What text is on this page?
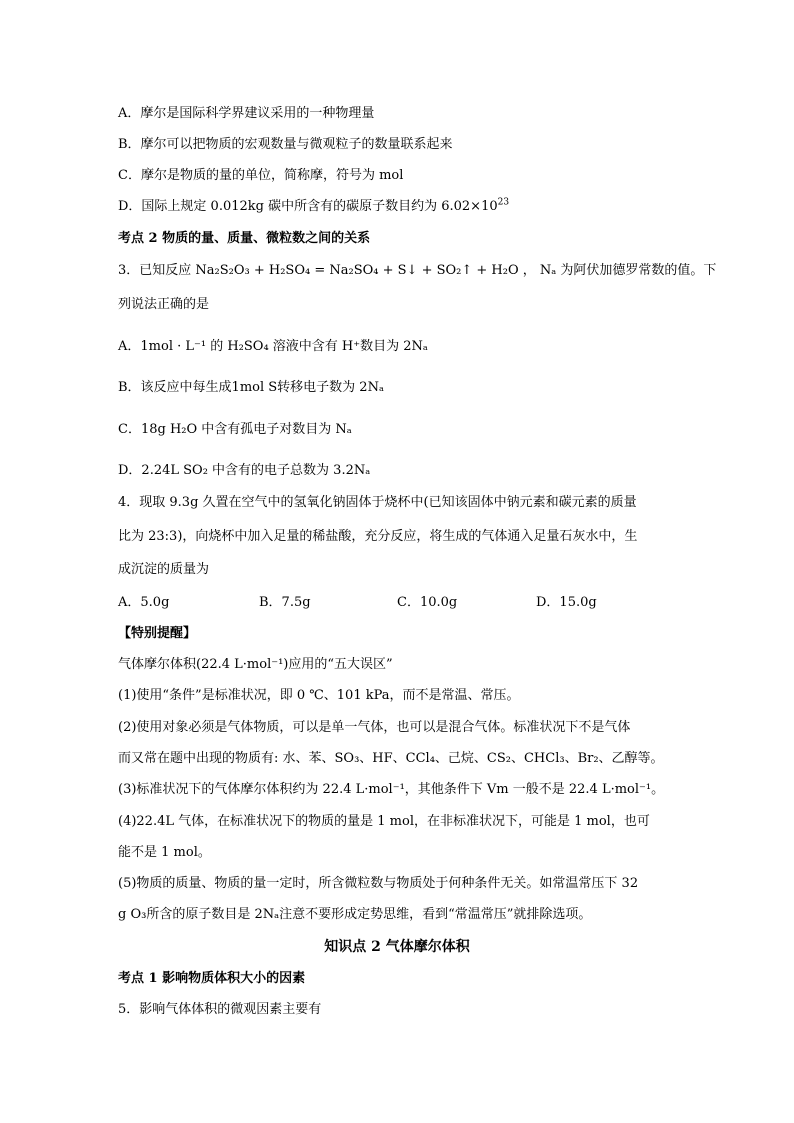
A．摩尔是国际科学界建议采用的一种物理量
B．摩尔可以把物质的宏观数量与微观粒子的数量联系起来
C．摩尔是物质的量的单位，简称摩，符号为 mol
D．国际上规定 0.012kg 碳中所含有的碳原子数目约为 $6.02\times 10^{23}$
考点 2 物质的量、质量、微粒数之间的关系
3．已知反应 Na₂S₂O₃ + H₂SO₄ = Na₂SO₄ + S↓ + SO₂↑ + H₂O ， Nₐ 为阿伏加德罗常数的值。下
列说法正确的是
A．1mol · L⁻¹ 的 H₂SO₄ 溶液中含有 H⁺数目为 2Nₐ
B．该反应中每生成1mol S转移电子数为 2Nₐ
C．18g H₂O 中含有孤电子对数目为 Nₐ
D．2.24L SO₂ 中含有的电子总数为 3.2Nₐ
4．现取 9.3g 久置在空气中的氢氧化钠固体于烧杯中(已知该固体中钠元素和碳元素的质量
比为 23:3)，向烧杯中加入足量的稀盐酸，充分反应，将生成的气体通入足量石灰水中，生
成沉淀的质量为
A．5.0g	B．7.5g	C．10.0g	D．15.0g
【特别提醒】
气体摩尔体积(22.4 L·mol⁻¹)应用的“五大误区”
(1)使用“条件”是标准状况，即 0 ℃、101 kPa，而不是常温、常压。
(2)使用对象必须是气体物质，可以是单一气体，也可以是混合气体。标准状况下不是气体
而又常在题中出现的物质有: 水、苯、SO₃、HF、CCl₄、己烷、CS₂、CHCl₃、Br₂、乙醇等。
(3)标准状况下的气体摩尔体积约为 22.4 L·mol⁻¹，其他条件下 Vm 一般不是 22.4 L·mol⁻¹。
(4)22.4L 气体，在标准状况下的物质的量是 1 mol，在非标准状况下，可能是 1 mol，也可
能不是 1 mol。
(5)物质的质量、物质的量一定时，所含微粒数与物质处于何种条件无关。如常温常压下 32
g O₃所含的原子数目是 2Nₐ注意不要形成定势思维，看到“常温常压”就排除选项。
知识点 2 气体摩尔体积
考点 1 影响物质体积大小的因素
5．影响气体体积的微观因素主要有
